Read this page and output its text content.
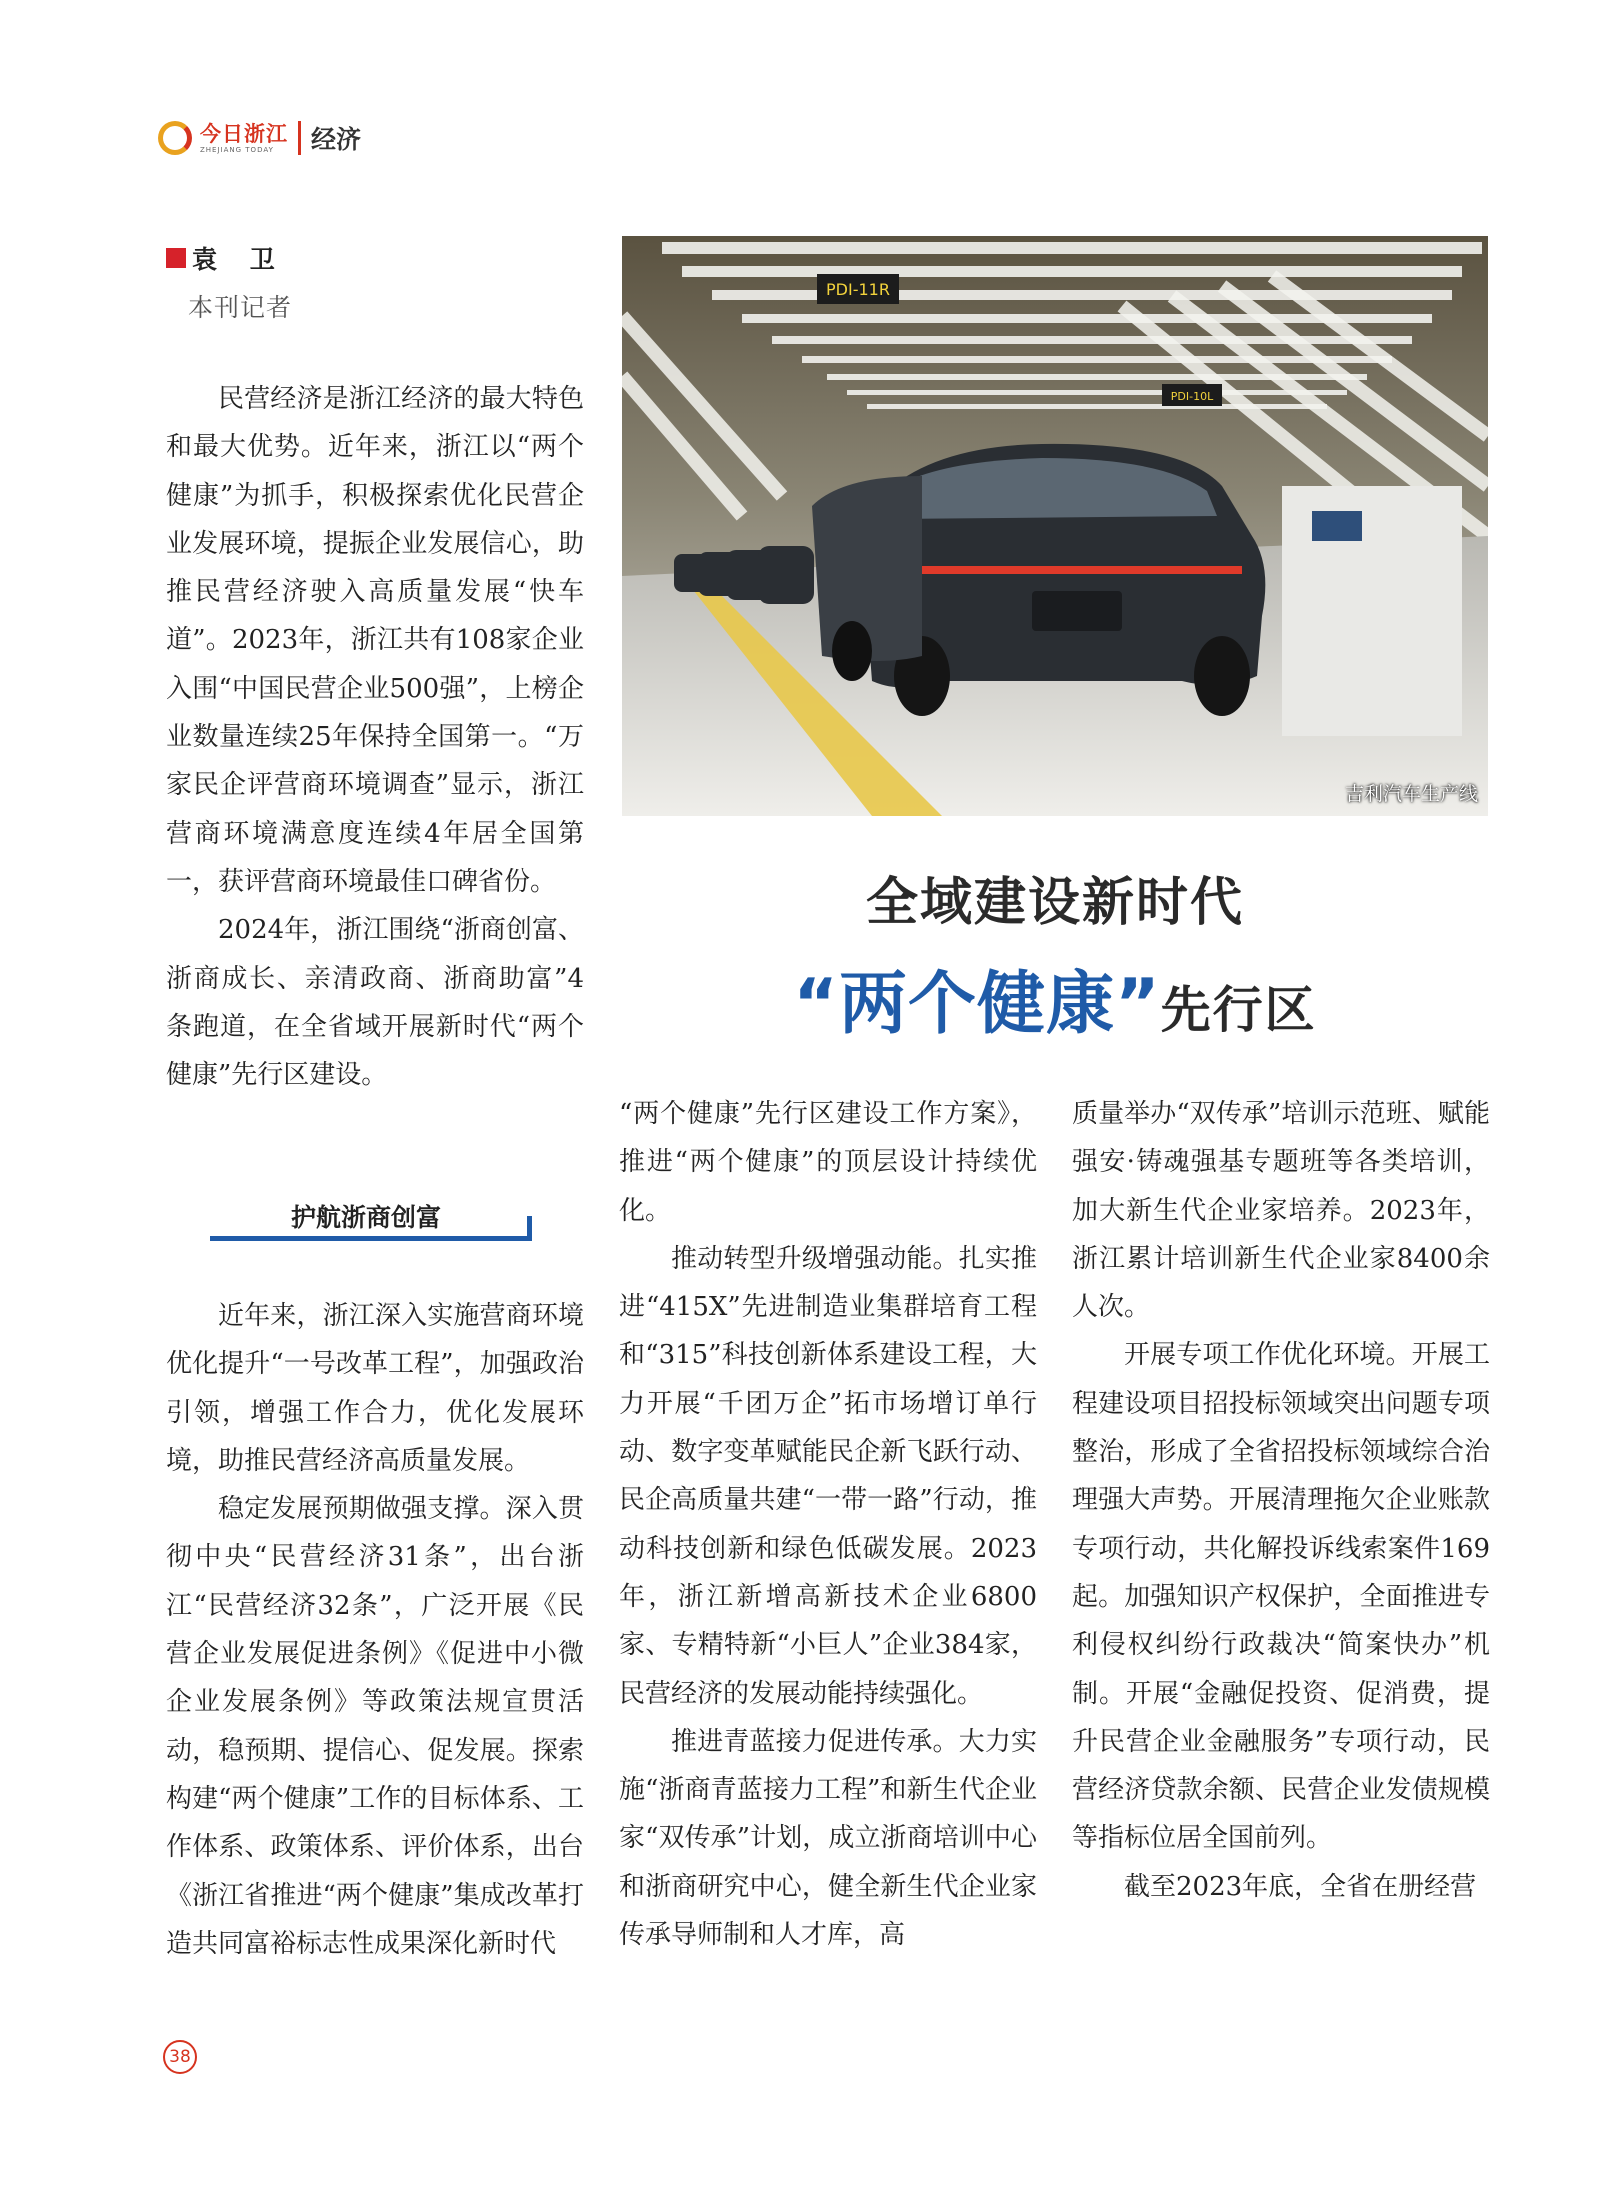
今日浙江
ZHEJIANG TODAY	经济
袁 卫
本刊记者

民营经济是浙江经济的最大特色和最大优势。近年来，浙江以“两个健康”为抓手，积极探索优化民营企业发展环境，提振企业发展信心，助推民营经济驶入高质量发展“快车道”。2023年，浙江共有108家企业入围“中国民营企业500强”，上榜企业数量连续25年保持全国第一。“万家民企评营商环境调查”显示，浙江营商环境满意度连续4年居全国第一，获评营商环境最佳口碑省份。

2024年，浙江围绕“浙商创富、浙商成长、亲清政商、浙商助富”4条跑道，在全省域开展新时代“两个健康”先行区建设。

护航浙商创富

近年来，浙江深入实施营商环境优化提升“一号改革工程”，加强政治引领，增强工作合力，优化发展环境，助推民营经济高质量发展。

稳定发展预期做强支撑。深入贯彻中央“民营经济31条”，出台浙江“民营经济32条”，广泛开展《民营企业发展促进条例》《促进中小微企业发展条例》等政策法规宣贯活动，稳预期、提信心、促发展。探索构建“两个健康”工作的目标体系、工作体系、政策体系、评价体系，出台《浙江省推进“两个健康”集成改革打造共同富裕标志性成果深化新时代

PDI-11R
PDI-10L
吉利汽车生产线
全域建设新时代
“两个健康”先行区

“两个健康”先行区建设工作方案》，推进“两个健康”的顶层设计持续优化。

推动转型升级增强动能。扎实推进“415X”先进制造业集群培育工程和“315”科技创新体系建设工程，大力开展“千团万企”拓市场增订单行动、数字变革赋能民企新飞跃行动、民企高质量共建“一带一路”行动，推动科技创新和绿色低碳发展。2023年，浙江新增高新技术企业6800家、专精特新“小巨人”企业384家，民营经济的发展动能持续强化。

推进青蓝接力促进传承。大力实施“浙商青蓝接力工程”和新生代企业家“双传承”计划，成立浙商培训中心和浙商研究中心，健全新生代企业家传承导师制和人才库，高

质量举办“双传承”培训示范班、赋能强安·铸魂强基专题班等各类培训，加大新生代企业家培养。2023年，浙江累计培训新生代企业家8400余人次。

开展专项工作优化环境。开展工程建设项目招投标领域突出问题专项整治，形成了全省招投标领域综合治理强大声势。开展清理拖欠企业账款专项行动，共化解投诉线索案件169起。加强知识产权保护，全面推进专利侵权纠纷行政裁决“简案快办”机制。开展“金融促投资、促消费，提升民营企业金融服务”专项行动，民营经济贷款余额、民营企业发债规模等指标位居全国前列。

截至2023年底，全省在册经营

38
